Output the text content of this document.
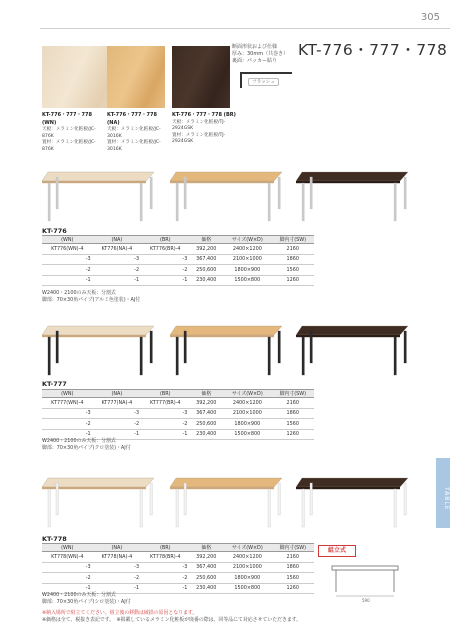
305
KT-776・777・778 (WN)
天板：メラミン化粧板/JC-876K
置材：メラミン化粧板/JC-876K
KT-776・777・778 (NA)
天板：メラミン化粧板/JC-3016K
置材：メラミン化粧板/JC-3016K
KT-776・777・778 (BR)
天板：メラミン化粧板/TJ-2924GSK
置材：メラミン化粧板/TJ-2924GSK
断面形状および仕様
厚み：30mm（共巻き）
裏面：パッカー貼り
フラッシュ
KT-776・777・778
KT-776
(WN)	(NA)	(BR)	価格	サイズ(W×D)	脚内寸(SW)
KT776(WN)-4	KT776(NA)-4	KT776(BR)-4	392,200	2400×1200	2160
-3	-3	-3	367,400	2100×1000	1860
-2	-2	-2	250,600	1800×900	1560
-1	-1	-1	230,400	1500×800	1260
W2400・2100のみ天板：分割式
脚部：70×30角パイプ(アルミ色塗装)・AJ付
KT-777
(WN)	(NA)	(BR)	価格	サイズ(W×D)	脚内寸(SW)
KT777(WN)-4	KT777(NA)-4	KT777(BR)-4	392,200	2400×1200	2160
-3	-3	-3	367,400	2100×1000	1860
-2	-2	-2	250,600	1800×900	1560
-1	-1	-1	230,400	1500×800	1260
W2400・2100のみ天板：分割式
脚部：70×30角パイプ(クロ塗装)・AJ付
KT-778
(WN)	(NA)	(BR)	価格	サイズ(W×D)	脚内寸(SW)
KT778(WN)-4	KT778(NA)-4	KT778(BR)-4	392,200	2400×1200	2160
-3	-3	-3	367,400	2100×1000	1860
-2	-2	-2	250,600	1800×900	1560
-1	-1	-1	230,400	1500×800	1260
W2400・2100のみ天板：分割式
脚部：70×30角パイプ(シロ塗装)・AJ付
組立式
590
※納入場所で組立てください。組立後の移動は破損の原因となります。
※価格は全て、税抜き表記です。　※掲載しているメラミン化粧板が廃番の際は、同等品にて対応させていただきます。
TABLE
